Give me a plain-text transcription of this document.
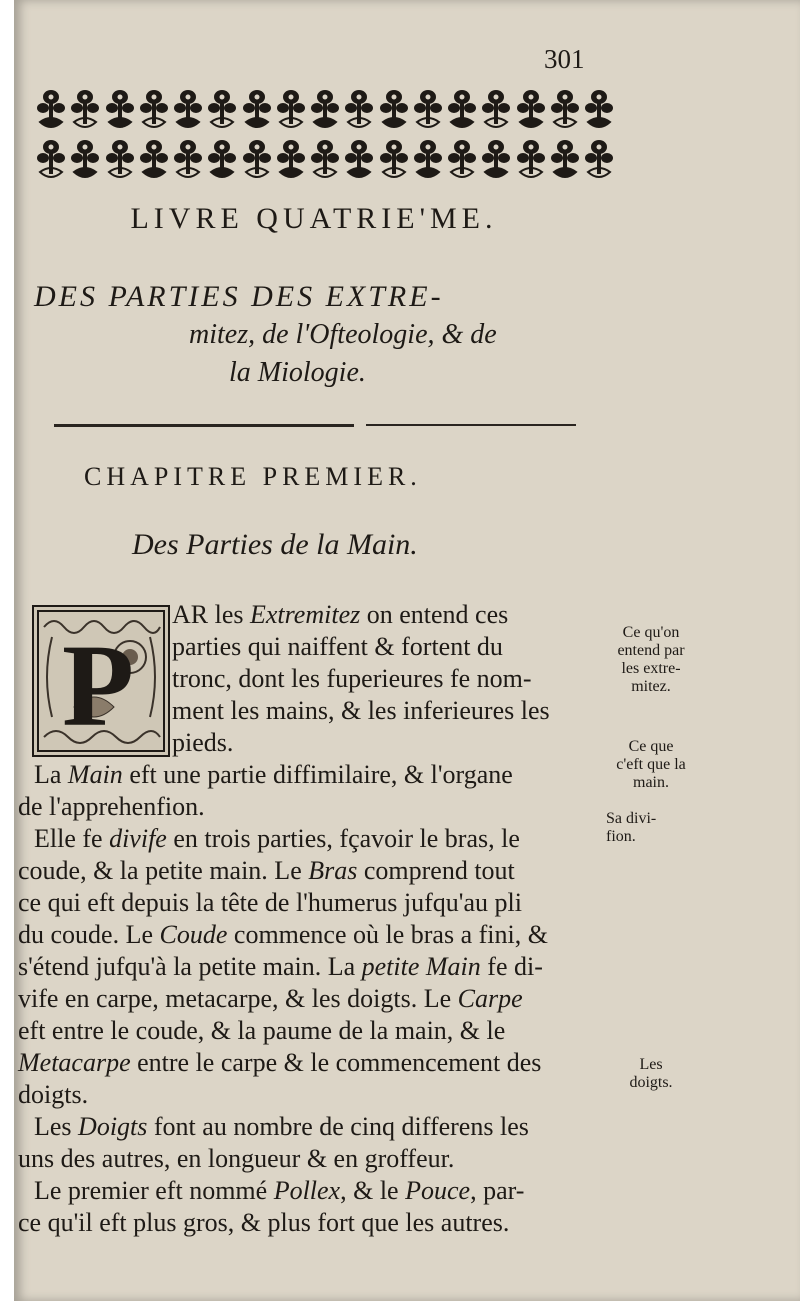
301
LIVRE QUATRIE'ME.
DES PARTIES DES EXTRE-
mitez, de l'Ofteologie, & de
la Miologie.
CHAPITRE PREMIER.
Des Parties de la Main.
P
AR les Extremitez on entend ces
parties qui naiffent & fortent du
tronc, dont les fuperieures fe nom-
ment les mains, & les inferieures les
pieds.
La Main eft une partie diffimilaire, & l'organe
de l'apprehenfion.
Elle fe divife en trois parties, fçavoir le bras, le
coude, & la petite main. Le Bras comprend tout
ce qui eft depuis la tête de l'humerus jufqu'au pli
du coude. Le Coude commence où le bras a fini, &
s'étend jufqu'à la petite main. La petite Main fe di-
vife en carpe, metacarpe, & les doigts. Le Carpe
eft entre le coude, & la paume de la main, & le
Metacarpe entre le carpe & le commencement des
doigts.
Les Doigts font au nombre de cinq differens les
uns des autres, en longueur & en groffeur.
Le premier eft nommé Pollex, & le Pouce, par-
ce qu'il eft plus gros, & plus fort que les autres.
Ce qu'on
entend par
les extre-
mitez.
Ce que
c'eft que la
main.
Sa divi-
fion.
Les
doigts.
